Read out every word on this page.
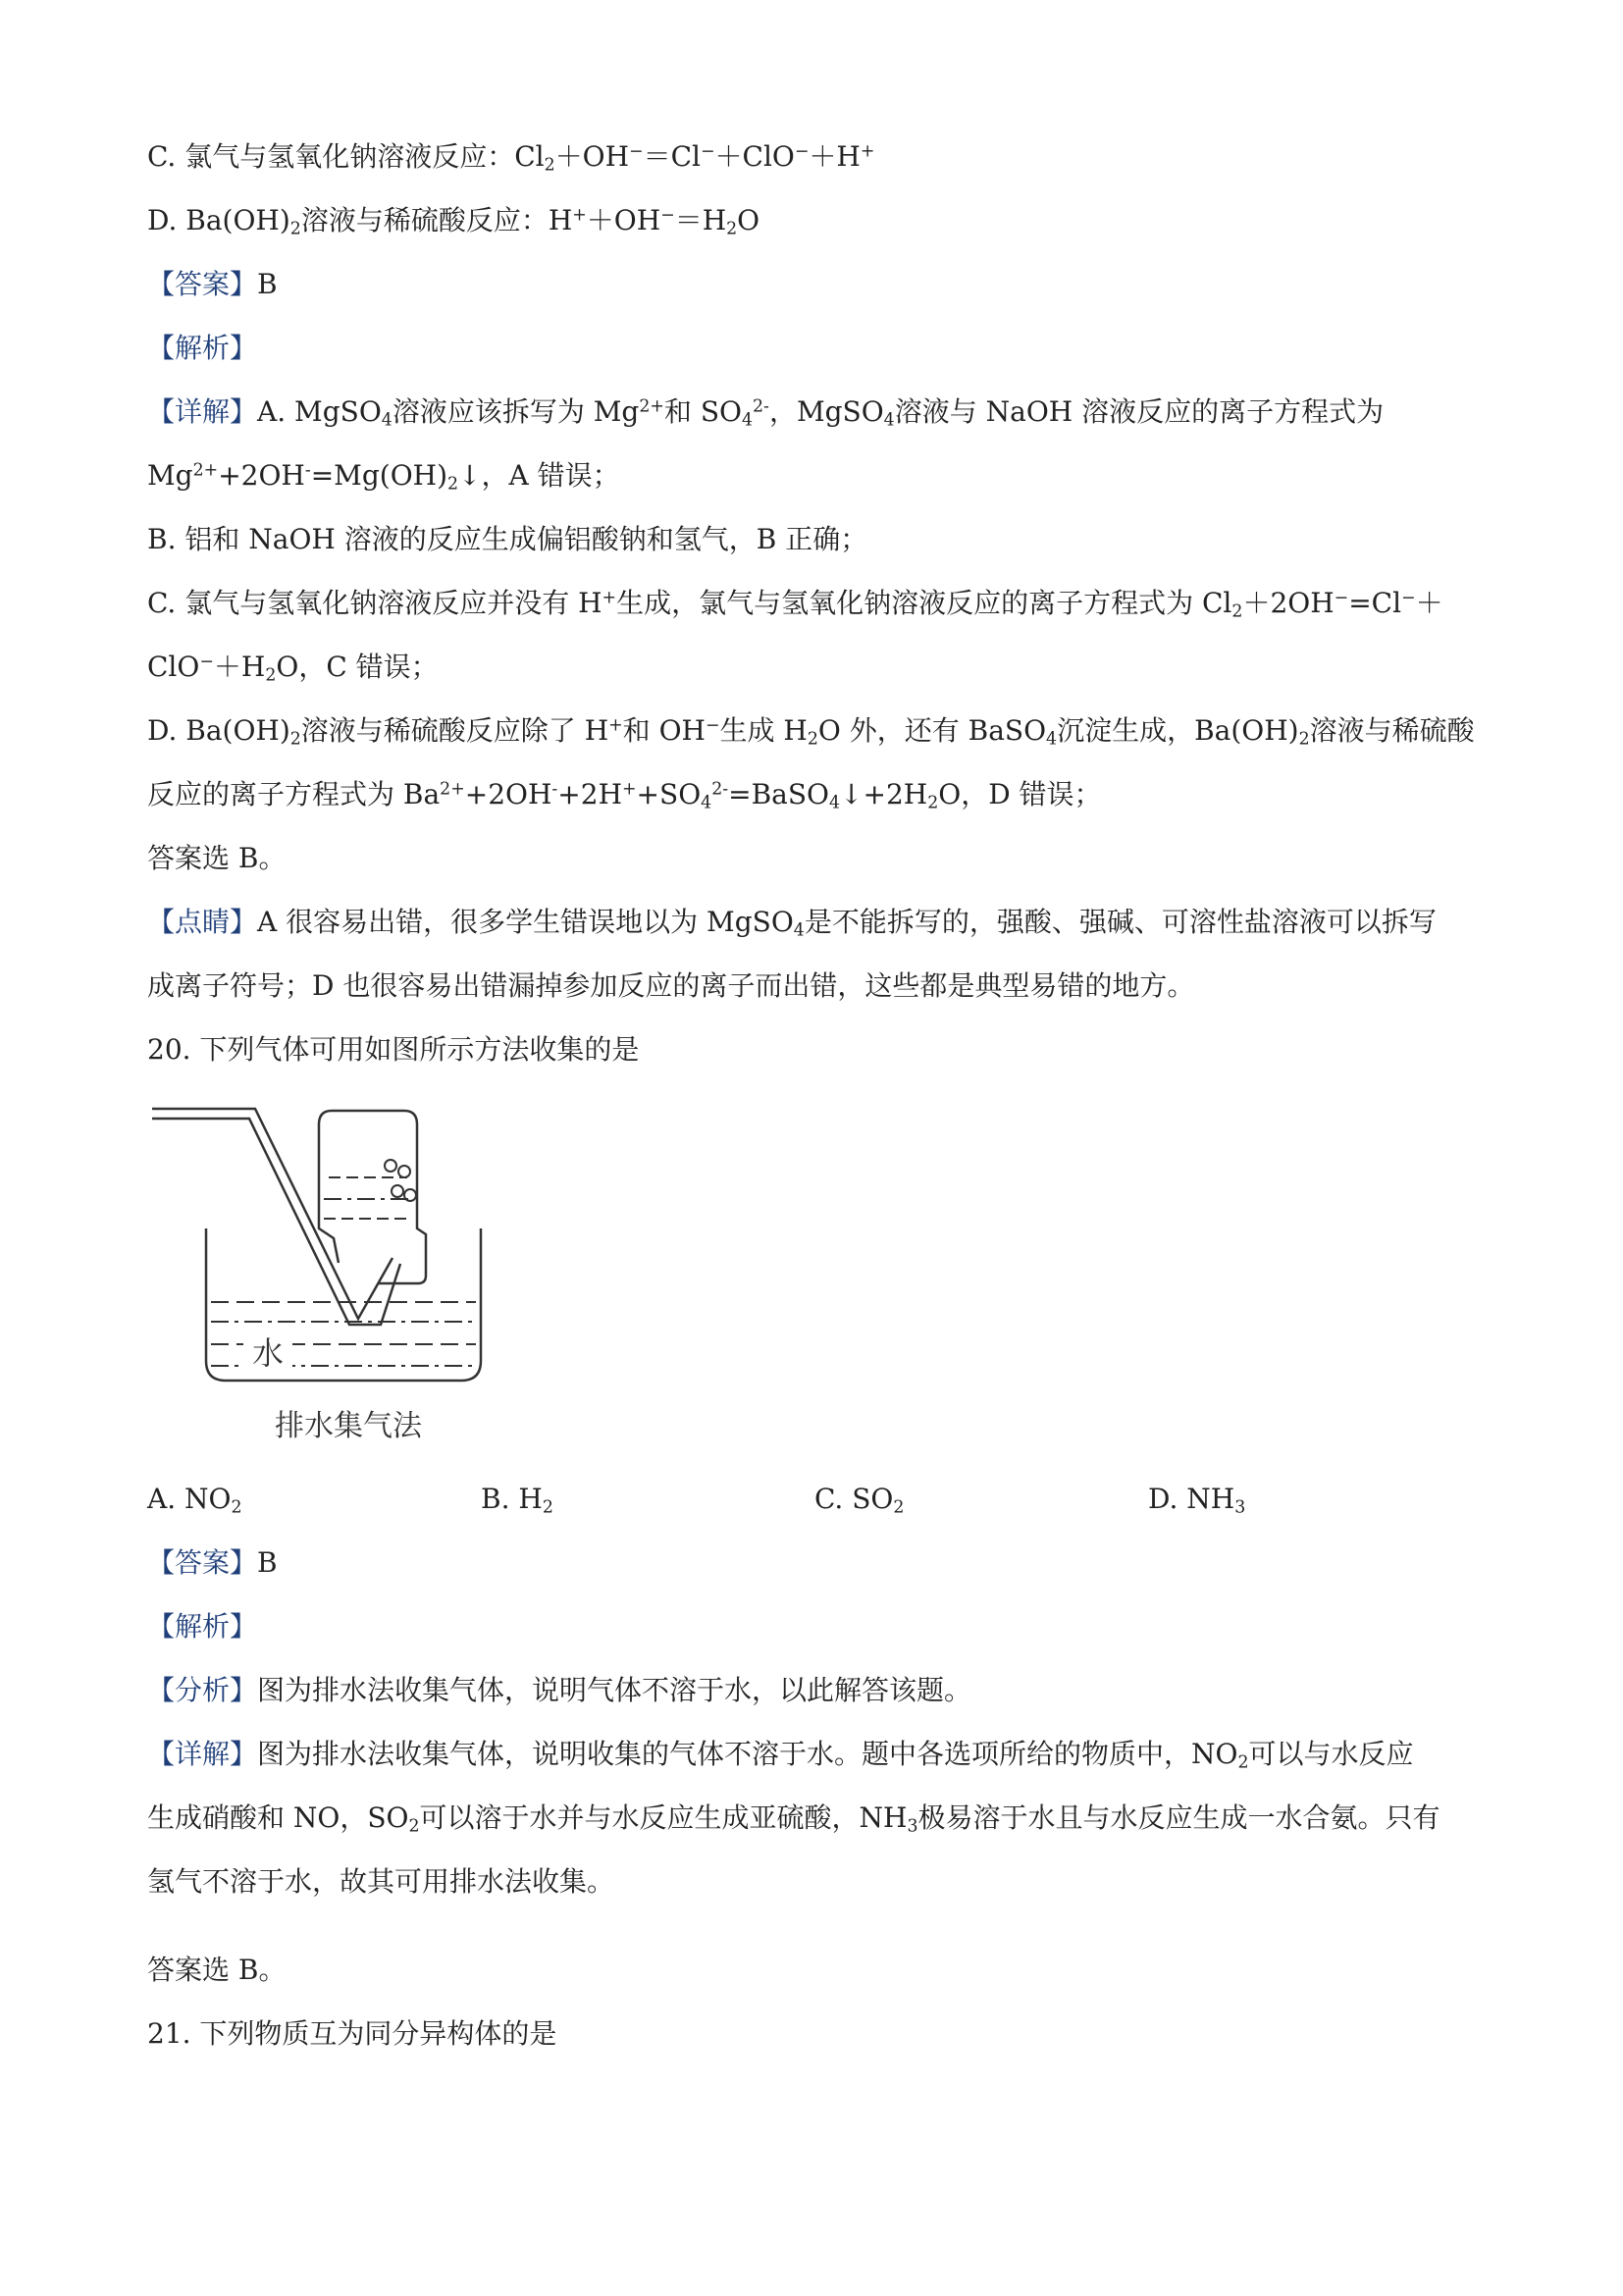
C. 氯气与氢氧化钠溶液反应：$Cl_2+OH^-=Cl^-+ClO^-+H^+$
D. $Ba(OH)_2$溶液与稀硫酸反应：$H^++OH^-=H_2O$
【答案】B
【解析】
【详解】A. MgSO$_4$溶液应该拆写为 $Mg^{2+}$和 $SO_4^{2-}$，MgSO$_4$溶液与 NaOH 溶液反应的离子方程式为
$Mg^{2+}+2OH^-=Mg(OH)_2↓$，A 错误；
B. 铝和 NaOH 溶液的反应生成偏铝酸钠和氢气，B 正确；
C. 氯气与氢氧化钠溶液反应并没有 H+生成，氯气与氢氧化钠溶液反应的离子方程式为 $Cl_2+2OH^-=Cl^-+$
$ClO^-+H_2O$，C 错误；
D. $Ba(OH)_2$溶液与稀硫酸反应除了 H+和 OH−生成 $H_2O$ 外，还有 BaSO$_4$沉淀生成，$Ba(OH)_2$溶液与稀硫酸
反应的离子方程式为 $Ba^{2+}+2OH^-+2H^++SO_4^{2-}=BaSO_4↓+2H_2O$，D 错误；
答案选 B。
【点睛】A 很容易出错，很多学生错误地以为 MgSO$_4$是不能拆写的，强酸、强碱、可溶性盐溶液可以拆写
成离子符号；D 也很容易出错漏掉参加反应的离子而出错，这些都是典型易错的地方。
20. 下列气体可用如图所示方法收集的是
水
排水集气法
A. $NO_2$	B. $H_2$	C. $SO_2$	D. $NH_3$
【答案】B
【解析】
【分析】图为排水法收集气体，说明气体不溶于水，以此解答该题。
【详解】图为排水法收集气体，说明收集的气体不溶于水。题中各选项所给的物质中，$NO_2$可以与水反应
生成硝酸和 NO，$SO_2$可以溶于水并与水反应生成亚硫酸，$NH_3$极易溶于水且与水反应生成一水合氨。只有
氢气不溶于水，故其可用排水法收集。
答案选 B。
21. 下列物质互为同分异构体的是
